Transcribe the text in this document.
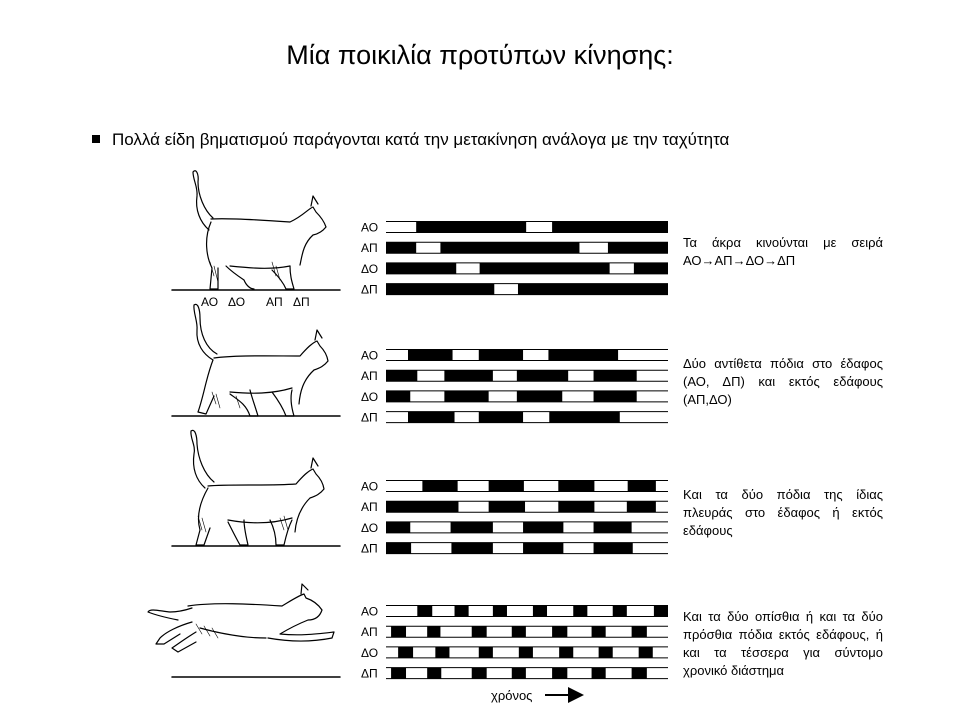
Μία ποικιλία προτύπων κίνησης:
Πολλά είδη βηματισμού παράγονται κατά την μετακίνηση ανάλογα με την ταχύτητα
ΑΟ ΔΟ ΑΠ ΔΠ
ΑΟ
ΑΠ
ΔΟ
ΔΠ
ΑΟ
ΑΠ
ΔΟ
ΔΠ
ΑΟ
ΑΠ
ΔΟ
ΔΠ
ΑΟ
ΑΠ
ΔΟ
ΔΠ
χρόνος
Τα άκρα κινούνται με σειρά ΑΟ→ΑΠ→ΔΟ→ΔΠ
Δύο αντίθετα πόδια στο έδαφος (ΑΟ, ΔΠ) και εκτός εδάφους (ΑΠ,ΔΟ)
Και τα δύο πόδια της ίδιας πλευράς στο έδαφος ή εκτός εδάφους
Και τα δύο οπίσθια ή και τα δύο πρόσθια πόδια εκτός εδάφους, ή και τα τέσσερα για σύντομο χρονικό διάστημα
